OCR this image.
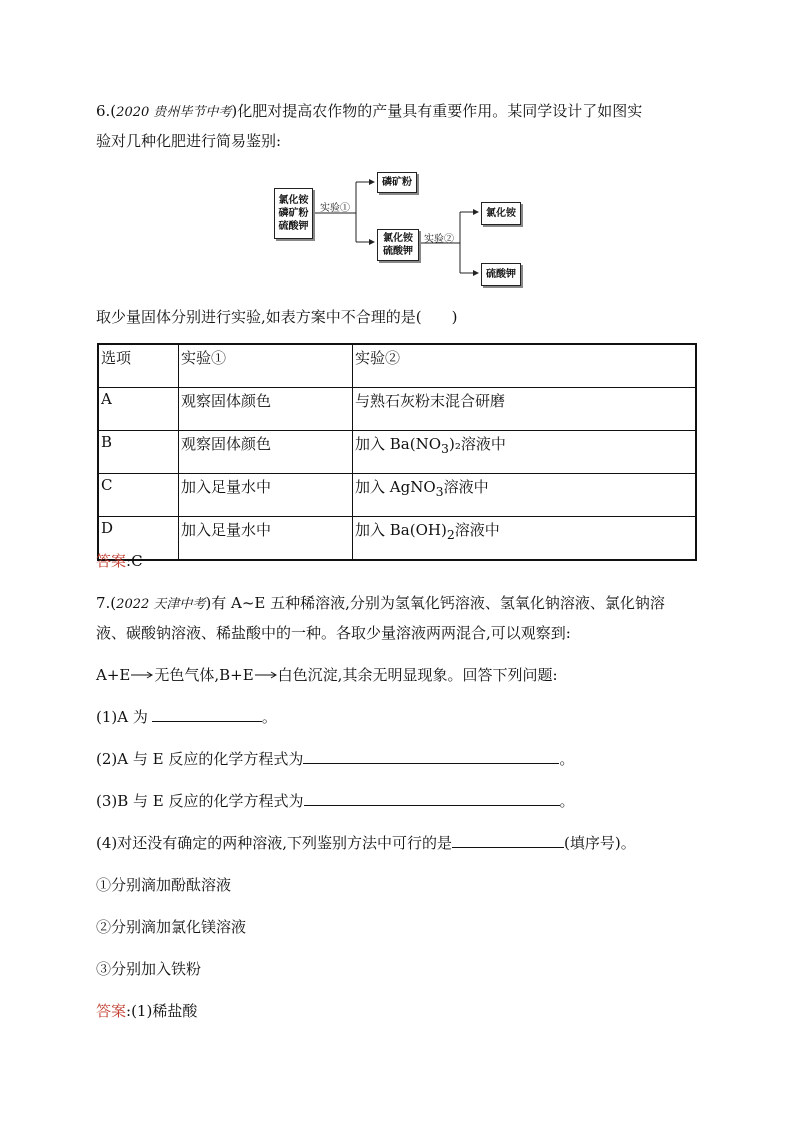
6.(2020 贵州毕节中考)化肥对提高农作物的产量具有重要作用。某同学设计了如图实
验对几种化肥进行简易鉴别:
氯化铵
磷矿粉
硫酸钾
实验①
磷矿粉
氯化铵
硫酸钾
实验②
氯化铵
硫酸钾
取少量固体分别进行实验,如表方案中不合理的是(　　)
选项	实验①	实验②
A	观察固体颜色	与熟石灰粉末混合研磨
B	观察固体颜色	加入 $Ba(NO_3)_2$溶液中
C	加入足量水中	加入 AgNO$_3$溶液中
D	加入足量水中	加入 $Ba(OH)_2$溶液中
答案:C
7.(2022 天津中考)有 A~E 五种稀溶液,分别为氢氧化钙溶液、氢氧化钠溶液、氯化钠溶
液、碳酸钠溶液、稀盐酸中的一种。各取少量溶液两两混合,可以观察到:
A+E 无色气体,B+E 白色沉淀,其余无明显现象。回答下列问题:
(1)A 为	。
(2)A 与 E 反应的化学方程式为	。
(3)B 与 E 反应的化学方程式为	。
(4)对还没有确定的两种溶液,下列鉴别方法中可行的是	(填序号)。
①分别滴加酚酞溶液
②分别滴加氯化镁溶液
③分别加入铁粉
答案:(1)稀盐酸
